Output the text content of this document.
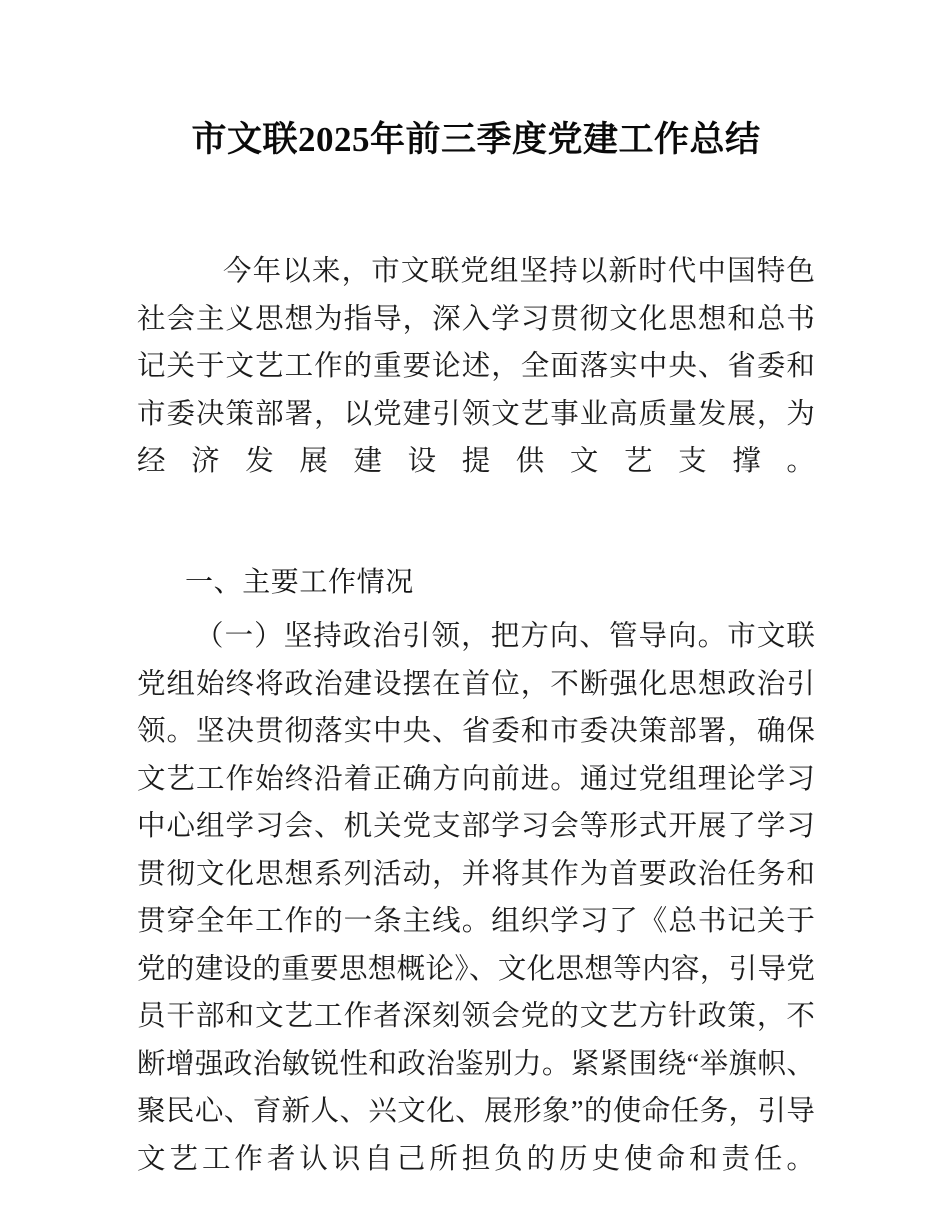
市文联2025年前三季度党建工作总结

今年以来，市文联党组坚持以新时代中国特色社会主义思想为指导，深入学习贯彻文化思想和总书记关于文艺工作的重要论述，全面落实中央、省委和市委决策部署，以党建引领文艺事业高质量发展，为经济发展建设提供文艺支撑。

一、主要工作情况

（一）坚持政治引领，把方向、管导向。市文联党组始终将政治建设摆在首位，不断强化思想政治引领。坚决贯彻落实中央、省委和市委决策部署，确保文艺工作始终沿着正确方向前进。通过党组理论学习中心组学习会、机关党支部学习会等形式开展了学习贯彻文化思想系列活动，并将其作为首要政治任务和贯穿全年工作的一条主线。组织学习了《总书记关于党的建设的重要思想概论》、文化思想等内容，引导党员干部和文艺工作者深刻领会党的文艺方针政策，不断增强政治敏锐性和政治鉴别力。紧紧围绕“举旗帜、聚民心、育新人、兴文化、展形象”的使命任务，引导文艺工作者认识自己所担负的历史使命和责任。
